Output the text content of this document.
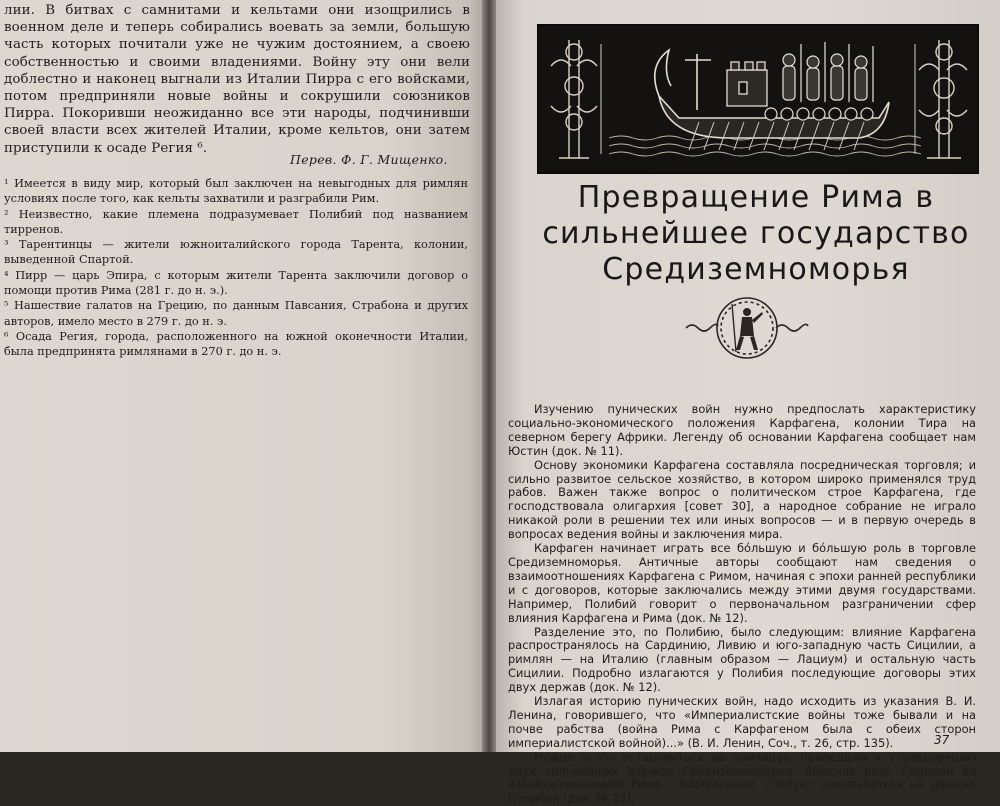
лии. В битвах с самнитами и кельтами они изощрились в военном деле и теперь собирались воевать за земли, большую часть которых почитали уже не чужим достоянием, а своею собственностью и своими владениями. Войну эту они вели доблестно и наконец выгнали из Италии Пирра с его войсками, потом предприняли новые войны и сокрушили союзников Пирра. Покоривши неожиданно все эти народы, подчинивши своей власти всех жителей Италии, кроме кельтов, они затем приступили к осаде Регия ⁶.

Перев. Ф. Г. Мищенко.

¹ Имеется в виду мир, который был заключен на невыгодных для римлян условиях после того, как кельты захватили и разграбили Рим.

² Неизвестно, какие племена подразумевает Полибий под названием тирренов.

³ Тарентинцы — жители южноиталийского города Тарента, колонии, выведенной Спартой.

⁴ Пирр — царь Эпира, с которым жители Тарента заключили договор о помощи против Рима (281 г. до н. э.).

⁵ Нашествие галатов на Грецию, по данным Павсания, Страбона и других авторов, имело место в 279 г. до н. э.

⁶ Осада Регия, города, расположенного на южной оконечности Италии, была предпринята римлянами в 270 г. до н. э.

Превращение Рима в
сильнейшее государство
Средиземноморья

Изучению пунических войн нужно предпослать характеристику социально-экономического положения Карфагена, колонии Тира на северном берегу Африки. Легенду об основании Карфагена сообщает нам Юстин (док. № 11).

Основу экономики Карфагена составляла посредническая торговля; и сильно развитое сельское хозяйство, в котором широко применялся труд рабов. Важен также вопрос о политическом строе Карфагена, где господствовала олигархия [совет 30], а народное собрание не играло никакой роли в решении тех или иных вопросов — и в первую очередь в вопросах ведения войны и заключения мира.

Карфаген начинает играть все бóльшую и бóльшую роль в торговле Средиземноморья. Античные авторы сообщают нам сведения о взаимоотношениях Карфагена с Римом, начиная с эпохи ранней республики и с договоров, которые заключались между этими двумя государствами. Например, Полибий говорит о первоначальном разграничении сфер влияния Карфагена и Рима (док. № 12).

Разделение это, по Полибию, было следующим: влияние Карфагена распространялось на Сардинию, Ливию и юго-западную часть Сицилии, а римлян — на Италию (главным образом — Лациум) и остальную часть Сицилии. Подробно излагаются у Полибия последующие договоры этих двух держав (док. № 12).

Излагая историю пунических войн, надо исходить из указания В. И. Ленина, говорившего, что «Империалистские войны тоже бывали и на почве рабства (война Рима с Карфагеном была с обеих сторон империалистской войной)...» (В. И. Ленин, Соч., т. 26, стр. 135).

Нужно особо остановиться на причинах, приведших к столкновению двух сильнейших держав Средиземноморья. Выясняя роль Сицилии во взаимоотношениях Рима с Карфагеном, следует основываться на данных Полибия (док. № 13).

37
